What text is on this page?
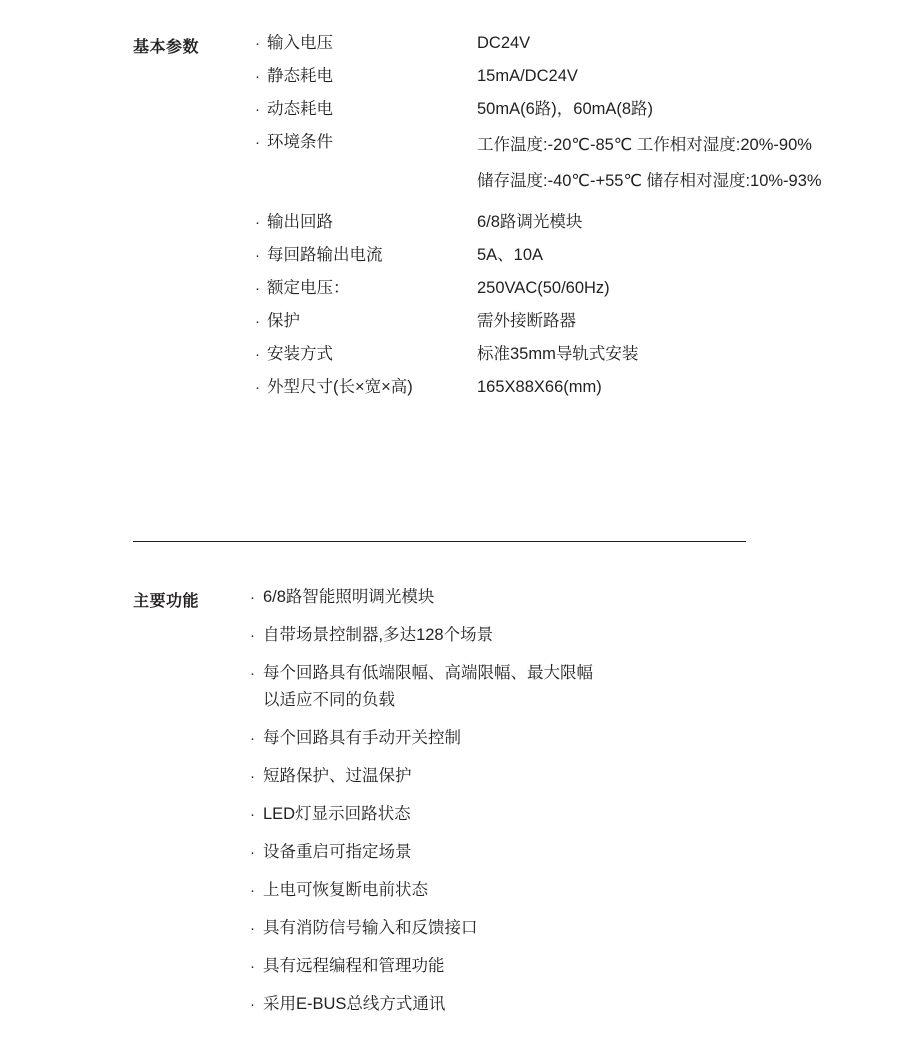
基本参数	· 输入电压	DC24V
· 静态耗电	15mA/DC24V
· 动态耗电	50mA(6路)，60mA(8路)
· 环境条件	工作温度:-20℃-85℃ 工作相对湿度:20%-90% 储存温度:-40℃-+55℃ 储存相对湿度:10%-93%
· 输出回路	6/8路调光模块
· 每回路输出电流	5A、10A
· 额定电压：	250VAC(50/60Hz)
· 保护	需外接断路器
· 安装方式	标准35mm导轨式安装
· 外型尺寸(长×宽×高)	165X88X66(mm)
主要功能	· 6/8路智能照明调光模块
· 自带场景控制器,多达128个场景
· 每个回路具有低端限幅、高端限幅、最大限幅
以适应不同的负载
· 每个回路具有手动开关控制
· 短路保护、过温保护
· LED灯显示回路状态
· 设备重启可指定场景
· 上电可恢复断电前状态
· 具有消防信号输入和反馈接口
· 具有远程编程和管理功能
· 采用E-BUS总线方式通讯
